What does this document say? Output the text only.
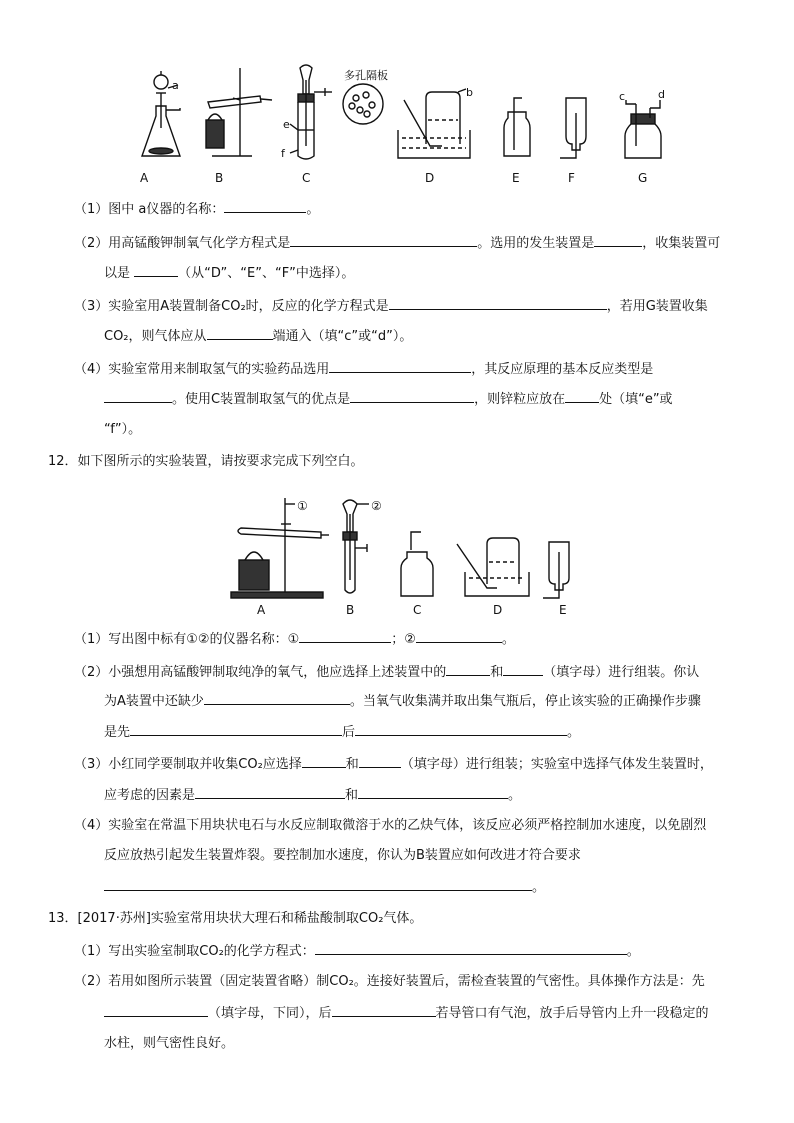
A	B	C	D	E	F	G
a
b	c	d
e
f
多孔隔板
（1）图中 a仪器的名称：	。
（2）用高锰酸钾制氧气化学方程式是	。选用的发生装置是	，收集装置可
以是	（从“D”、“E”、“F”中选择）。
（3）实验室用A装置制备CO₂时，反应的化学方程式是	，若用G装置收集
CO₂，则气体应从	端通入（填“c”或“d”）。
（4）实验室常用来制取氢气的实验药品选用	，其反应原理的基本反应类型是
。使用C装置制取氢气的优点是	，则锌粒应放在	处（填“e”或
“f”）。
12．如下图所示的实验装置，请按要求完成下列空白。
A	B	C	D	E
①	②
（1）写出图中标有①②的仪器名称：①	；②	。
（2）小强想用高锰酸钾制取纯净的氧气，他应选择上述装置中的	和	（填字母）进行组装。你认
为A装置中还缺少	。当氧气收集满并取出集气瓶后，停止该实验的正确操作步骤
是先	后	。
（3）小红同学要制取并收集CO₂应选择	和	（填字母）进行组装；实验室中选择气体发生装置时，
应考虑的因素是	和	。
（4）实验室在常温下用块状电石与水反应制取微溶于水的乙炔气体，该反应必须严格控制加水速度，以免剧烈
反应放热引起发生装置炸裂。要控制加水速度，你认为B装置应如何改进才符合要求
。
13．[2017·苏州]实验室常用块状大理石和稀盐酸制取CO₂气体。
（1）写出实验室制取CO₂的化学方程式：	。
（2）若用如图所示装置（固定装置省略）制CO₂。连接好装置后，需检查装置的气密性。具体操作方法是：先
（填字母，下同），后	若导管口有气泡，放手后导管内上升一段稳定的
水柱，则气密性良好。
